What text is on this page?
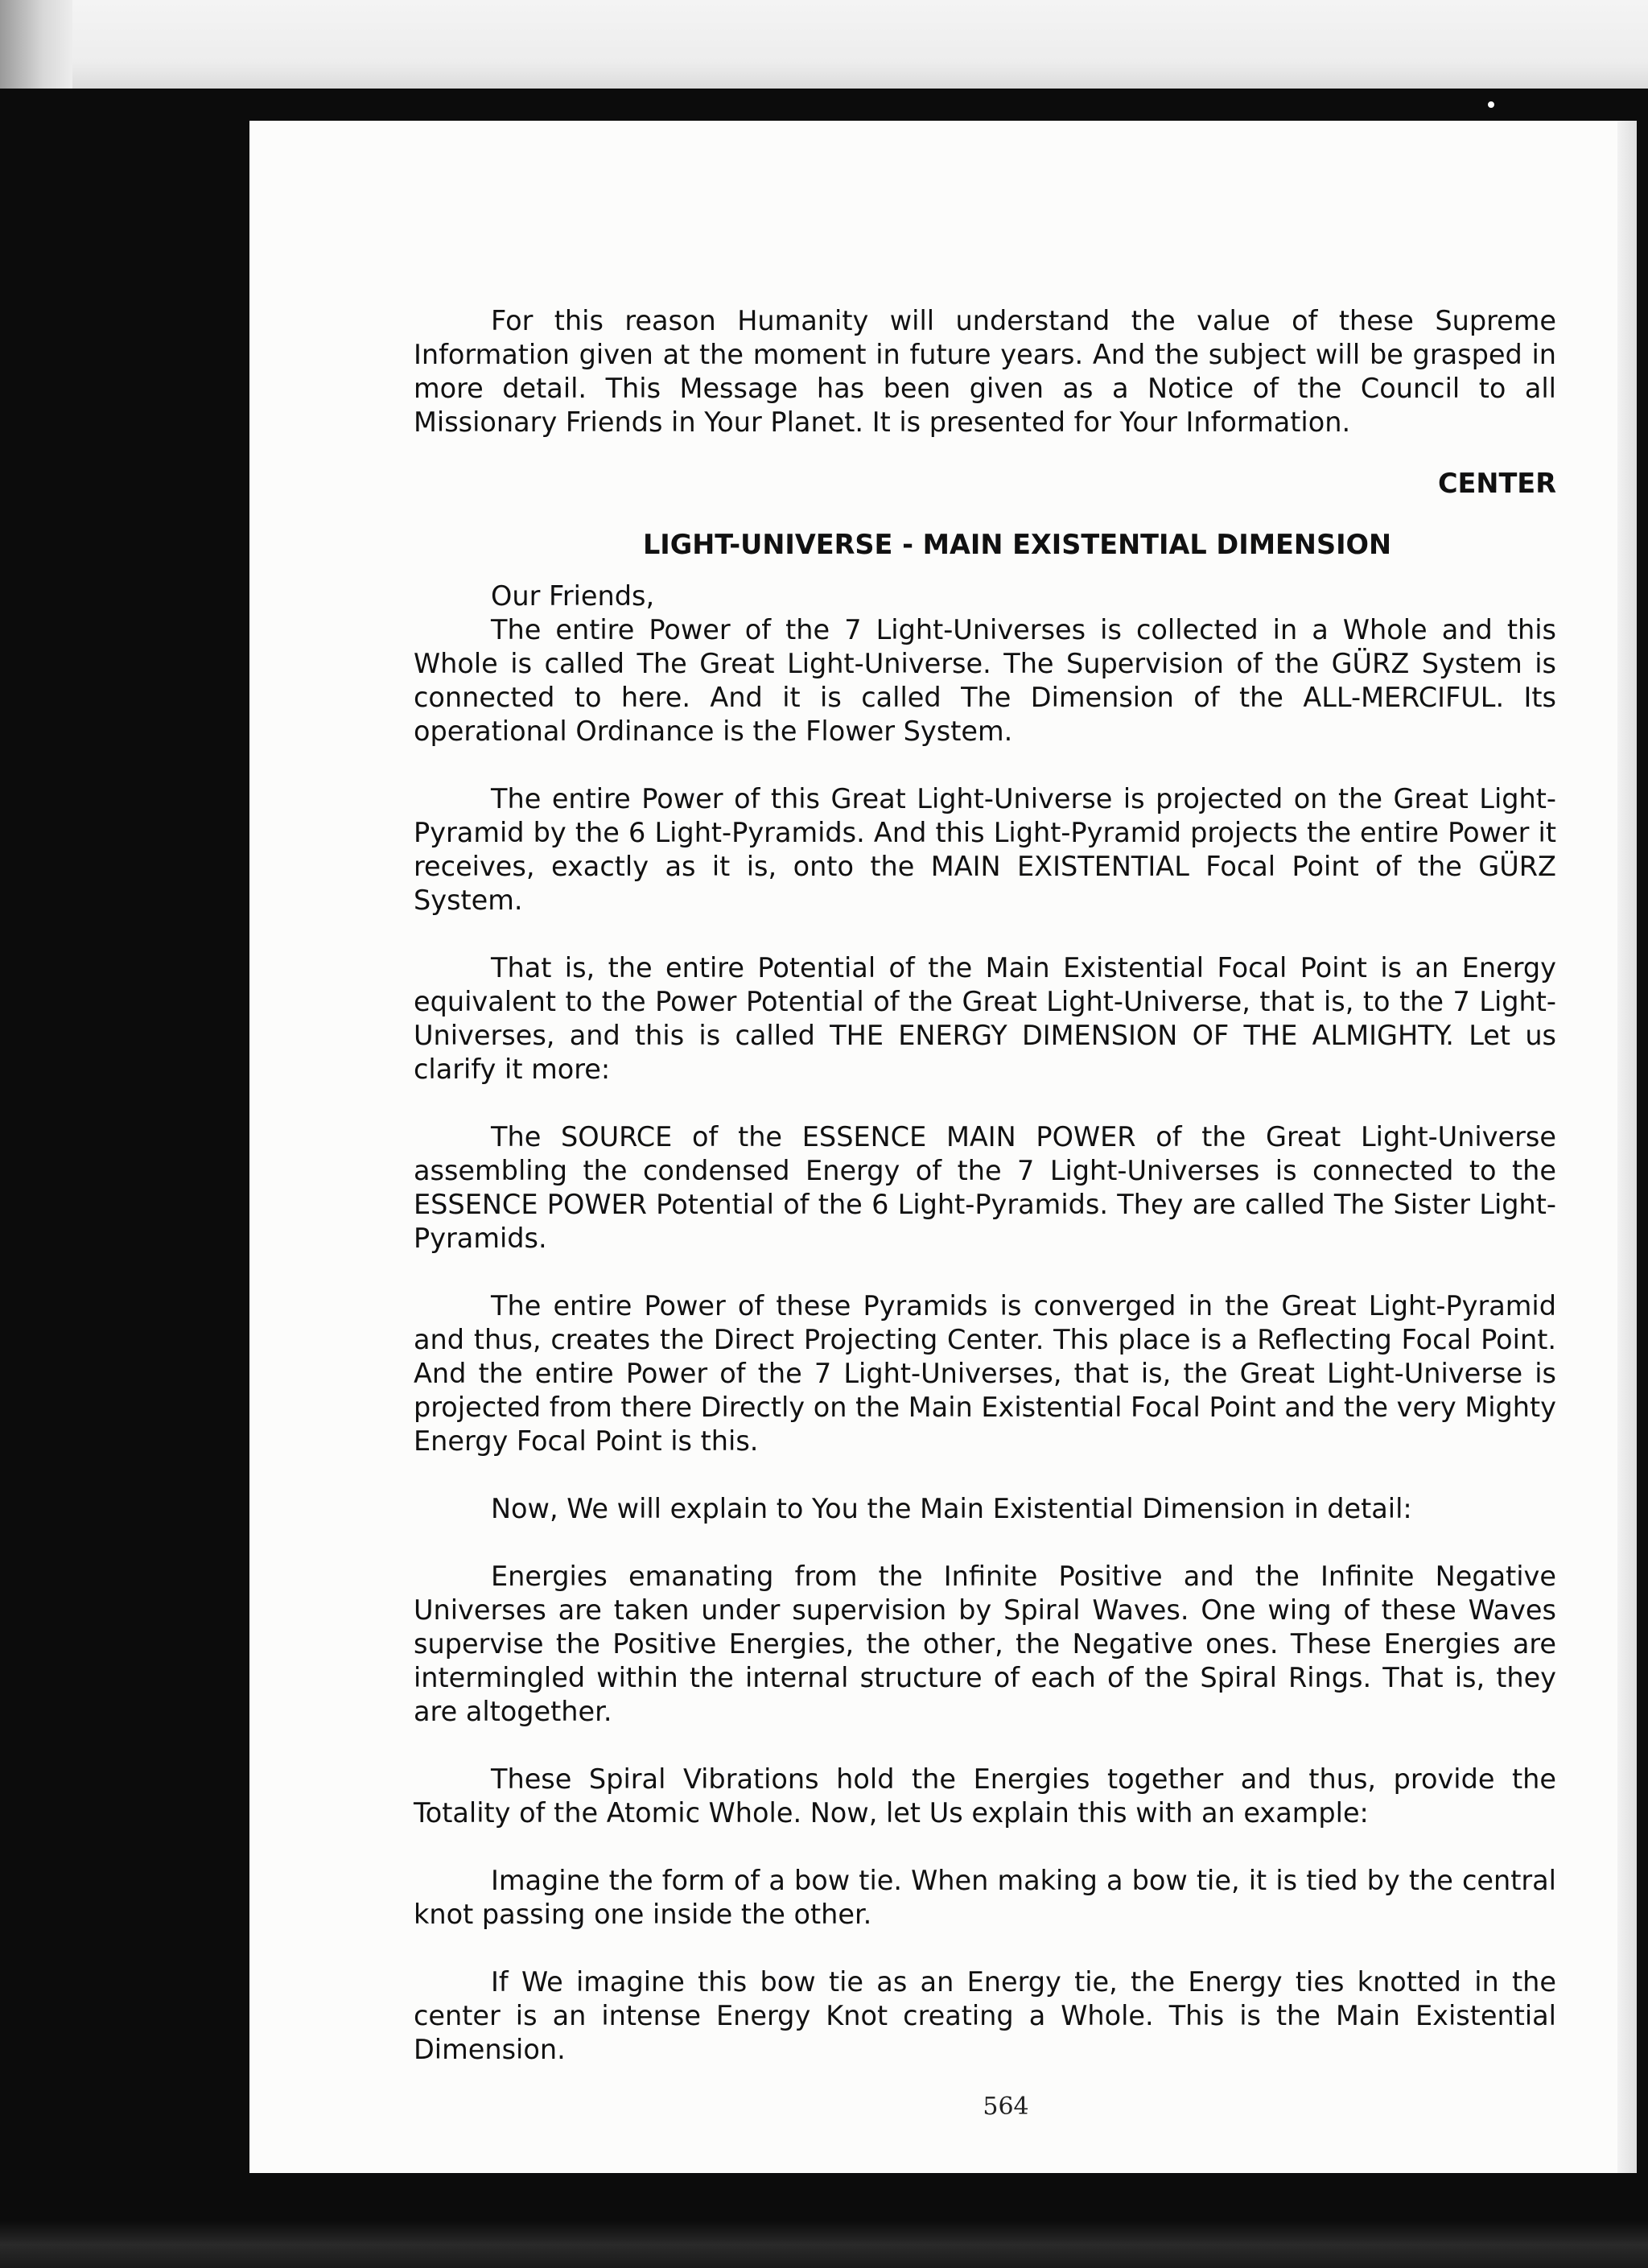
564

For this reason Humanity will understand the value of these Supreme Information given at the moment in future years. And the subject will be grasped in more detail. This Message has been given as a Notice of the Council to all Missionary Friends in Your Planet. It is presented for Your Information.

CENTER

LIGHT-UNIVERSE - MAIN EXISTENTIAL DIMENSION

Our Friends,

The entire Power of the 7 Light-Universes is collected in a Whole and this Whole is called The Great Light-Universe. The Supervision of the GÜRZ System is connected to here. And it is called The Dimension of the ALL-MERCIFUL. Its operational Ordinance is the Flower System.

The entire Power of this Great Light-Universe is projected on the Great Light-Pyramid by the 6 Light-Pyramids. And this Light-Pyramid projects the entire Power it receives, exactly as it is, onto the MAIN EXISTENTIAL Focal Point of the GÜRZ System.

That is, the entire Potential of the Main Existential Focal Point is an Energy equivalent to the Power Potential of the Great Light-Universe, that is, to the 7 Light-Universes, and this is called THE ENERGY DIMENSION OF THE ALMIGHTY. Let us clarify it more:

The SOURCE of the ESSENCE MAIN POWER of the Great Light-Universe assembling the condensed Energy of the 7 Light-Universes is connected to the ESSENCE POWER Potential of the 6 Light-Pyramids. They are called The Sister Light-Pyramids.

The entire Power of these Pyramids is converged in the Great Light-Pyramid and thus, creates the Direct Projecting Center. This place is a Reflecting Focal Point. And the entire Power of the 7 Light-Universes, that is, the Great Light-Universe is projected from there Directly on the Main Existential Focal Point and the very Mighty Energy Focal Point is this.

Now, We will explain to You the Main Existential Dimension in detail:

Energies emanating from the Infinite Positive and the Infinite Negative Universes are taken under supervision by Spiral Waves. One wing of these Waves supervise the Positive Energies, the other, the Negative ones. These Energies are intermingled within the internal structure of each of the Spiral Rings. That is, they are altogether.

These Spiral Vibrations hold the Energies together and thus, provide the Totality of the Atomic Whole. Now, let Us explain this with an example:

Imagine the form of a bow tie. When making a bow tie, it is tied by the central knot passing one inside the other.

If We imagine this bow tie as an Energy tie, the Energy ties knotted in the center is an intense Energy Knot creating a Whole. This is the Main Existential Dimension.
